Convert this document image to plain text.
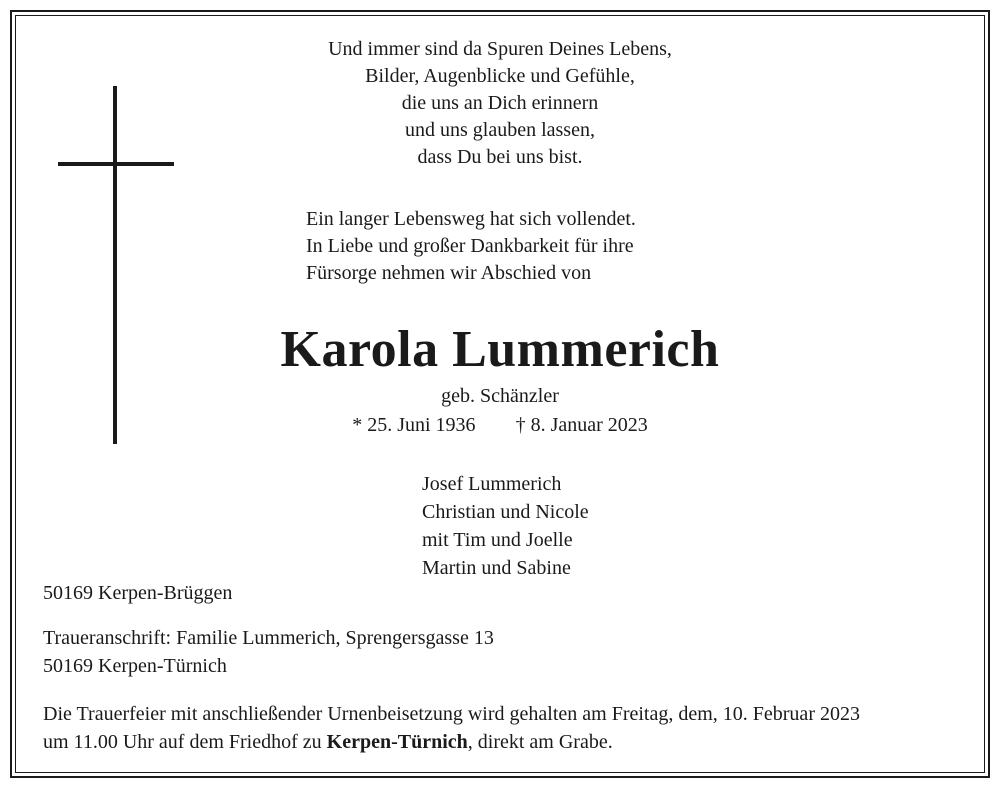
Und immer sind da Spuren Deines Lebens,
Bilder, Augenblicke und Gefühle,
die uns an Dich erinnern
und uns glauben lassen,
dass Du bei uns bist.
Ein langer Lebensweg hat sich vollendet.
In Liebe und großer Dankbarkeit für ihre
Fürsorge nehmen wir Abschied von
Karola Lummerich
geb. Schänzler
* 25. Juni 1936 † 8. Januar 2023
Josef Lummerich
Christian und Nicole
mit Tim und Joelle
Martin und Sabine
50169 Kerpen-Brüggen
Traueranschrift: Familie Lummerich, Sprengersgasse 13
50169 Kerpen-Türnich
Die Trauerfeier mit anschließender Urnenbeisetzung wird gehalten am Freitag, dem, 10. Februar 2023
um 11.00 Uhr auf dem Friedhof zu Kerpen-Türnich, direkt am Grabe.
